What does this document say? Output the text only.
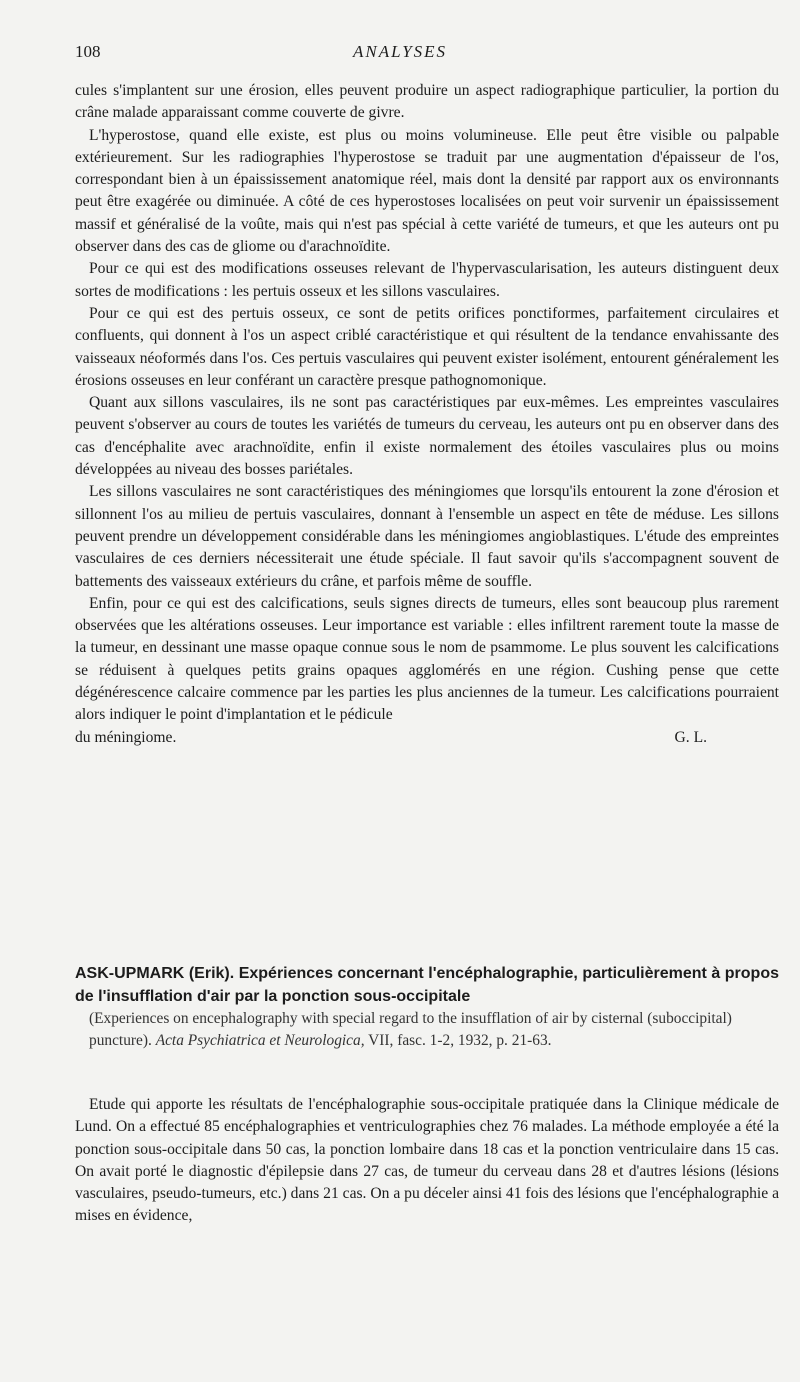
108	ANALYSES

cules s'implantent sur une érosion, elles peuvent produire un aspect radiographique particulier, la portion du crâne malade apparaissant comme couverte de givre.

L'hyperostose, quand elle existe, est plus ou moins volumineuse. Elle peut être visible ou palpable extérieurement. Sur les radiographies l'hyperostose se traduit par une augmentation d'épaisseur de l'os, correspondant bien à un épaississement anatomique réel, mais dont la densité par rapport aux os environnants peut être exagérée ou diminuée. A côté de ces hyperostoses localisées on peut voir survenir un épaississement massif et généralisé de la voûte, mais qui n'est pas spécial à cette variété de tumeurs, et que les auteurs ont pu observer dans des cas de gliome ou d'arachnoïdite.

Pour ce qui est des modifications osseuses relevant de l'hypervascularisation, les auteurs distinguent deux sortes de modifications : les pertuis osseux et les sillons vasculaires.

Pour ce qui est des pertuis osseux, ce sont de petits orifices ponctiformes, parfaitement circulaires et confluents, qui donnent à l'os un aspect criblé caractéristique et qui résultent de la tendance envahissante des vaisseaux néoformés dans l'os. Ces pertuis vasculaires qui peuvent exister isolément, entourent généralement les érosions osseuses en leur conférant un caractère presque pathognomonique.

Quant aux sillons vasculaires, ils ne sont pas caractéristiques par eux-mêmes. Les empreintes vasculaires peuvent s'observer au cours de toutes les variétés de tumeurs du cerveau, les auteurs ont pu en observer dans des cas d'encéphalite avec arachnoïdite, enfin il existe normalement des étoiles vasculaires plus ou moins développées au niveau des bosses pariétales.

Les sillons vasculaires ne sont caractéristiques des méningiomes que lorsqu'ils entourent la zone d'érosion et sillonnent l'os au milieu de pertuis vasculaires, donnant à l'ensemble un aspect en tête de méduse. Les sillons peuvent prendre un développement considérable dans les méningiomes angioblastiques. L'étude des empreintes vasculaires de ces derniers nécessiterait une étude spéciale. Il faut savoir qu'ils s'accompagnent souvent de battements des vaisseaux extérieurs du crâne, et parfois même de souffle.

Enfin, pour ce qui est des calcifications, seuls signes directs de tumeurs, elles sont beaucoup plus rarement observées que les altérations osseuses. Leur importance est variable : elles infiltrent rarement toute la masse de la tumeur, en dessinant une masse opaque connue sous le nom de psammome. Le plus souvent les calcifications se réduisent à quelques petits grains opaques agglomérés en une région. Cushing pense que cette dégénérescence calcaire commence par les parties les plus anciennes de la tumeur. Les calcifications pourraient alors indiquer le point d'implantation et le pédicule

du méningiome.	G. L.

ASK-UPMARK (Erik). Expériences concernant l'encéphalographie, particulièrement à propos de l'insufflation d'air par la ponction sous-occipitale

(Experiences on encephalography with special regard to the insufflation of air by cisternal (suboccipital) puncture). Acta Psychiatrica et Neurologica, VII, fasc. 1-2, 1932, p. 21-63.

Etude qui apporte les résultats de l'encéphalographie sous-occipitale pratiquée dans la Clinique médicale de Lund. On a effectué 85 encéphalographies et ventriculographies chez 76 malades. La méthode employée a été la ponction sous-occipitale dans 50 cas, la ponction lombaire dans 18 cas et la ponction ventriculaire dans 15 cas. On avait porté le diagnostic d'épilepsie dans 27 cas, de tumeur du cerveau dans 28 et d'autres lésions (lésions vasculaires, pseudo-tumeurs, etc.) dans 21 cas. On a pu déceler ainsi 41 fois des lésions que l'encéphalographie a mises en évidence,
